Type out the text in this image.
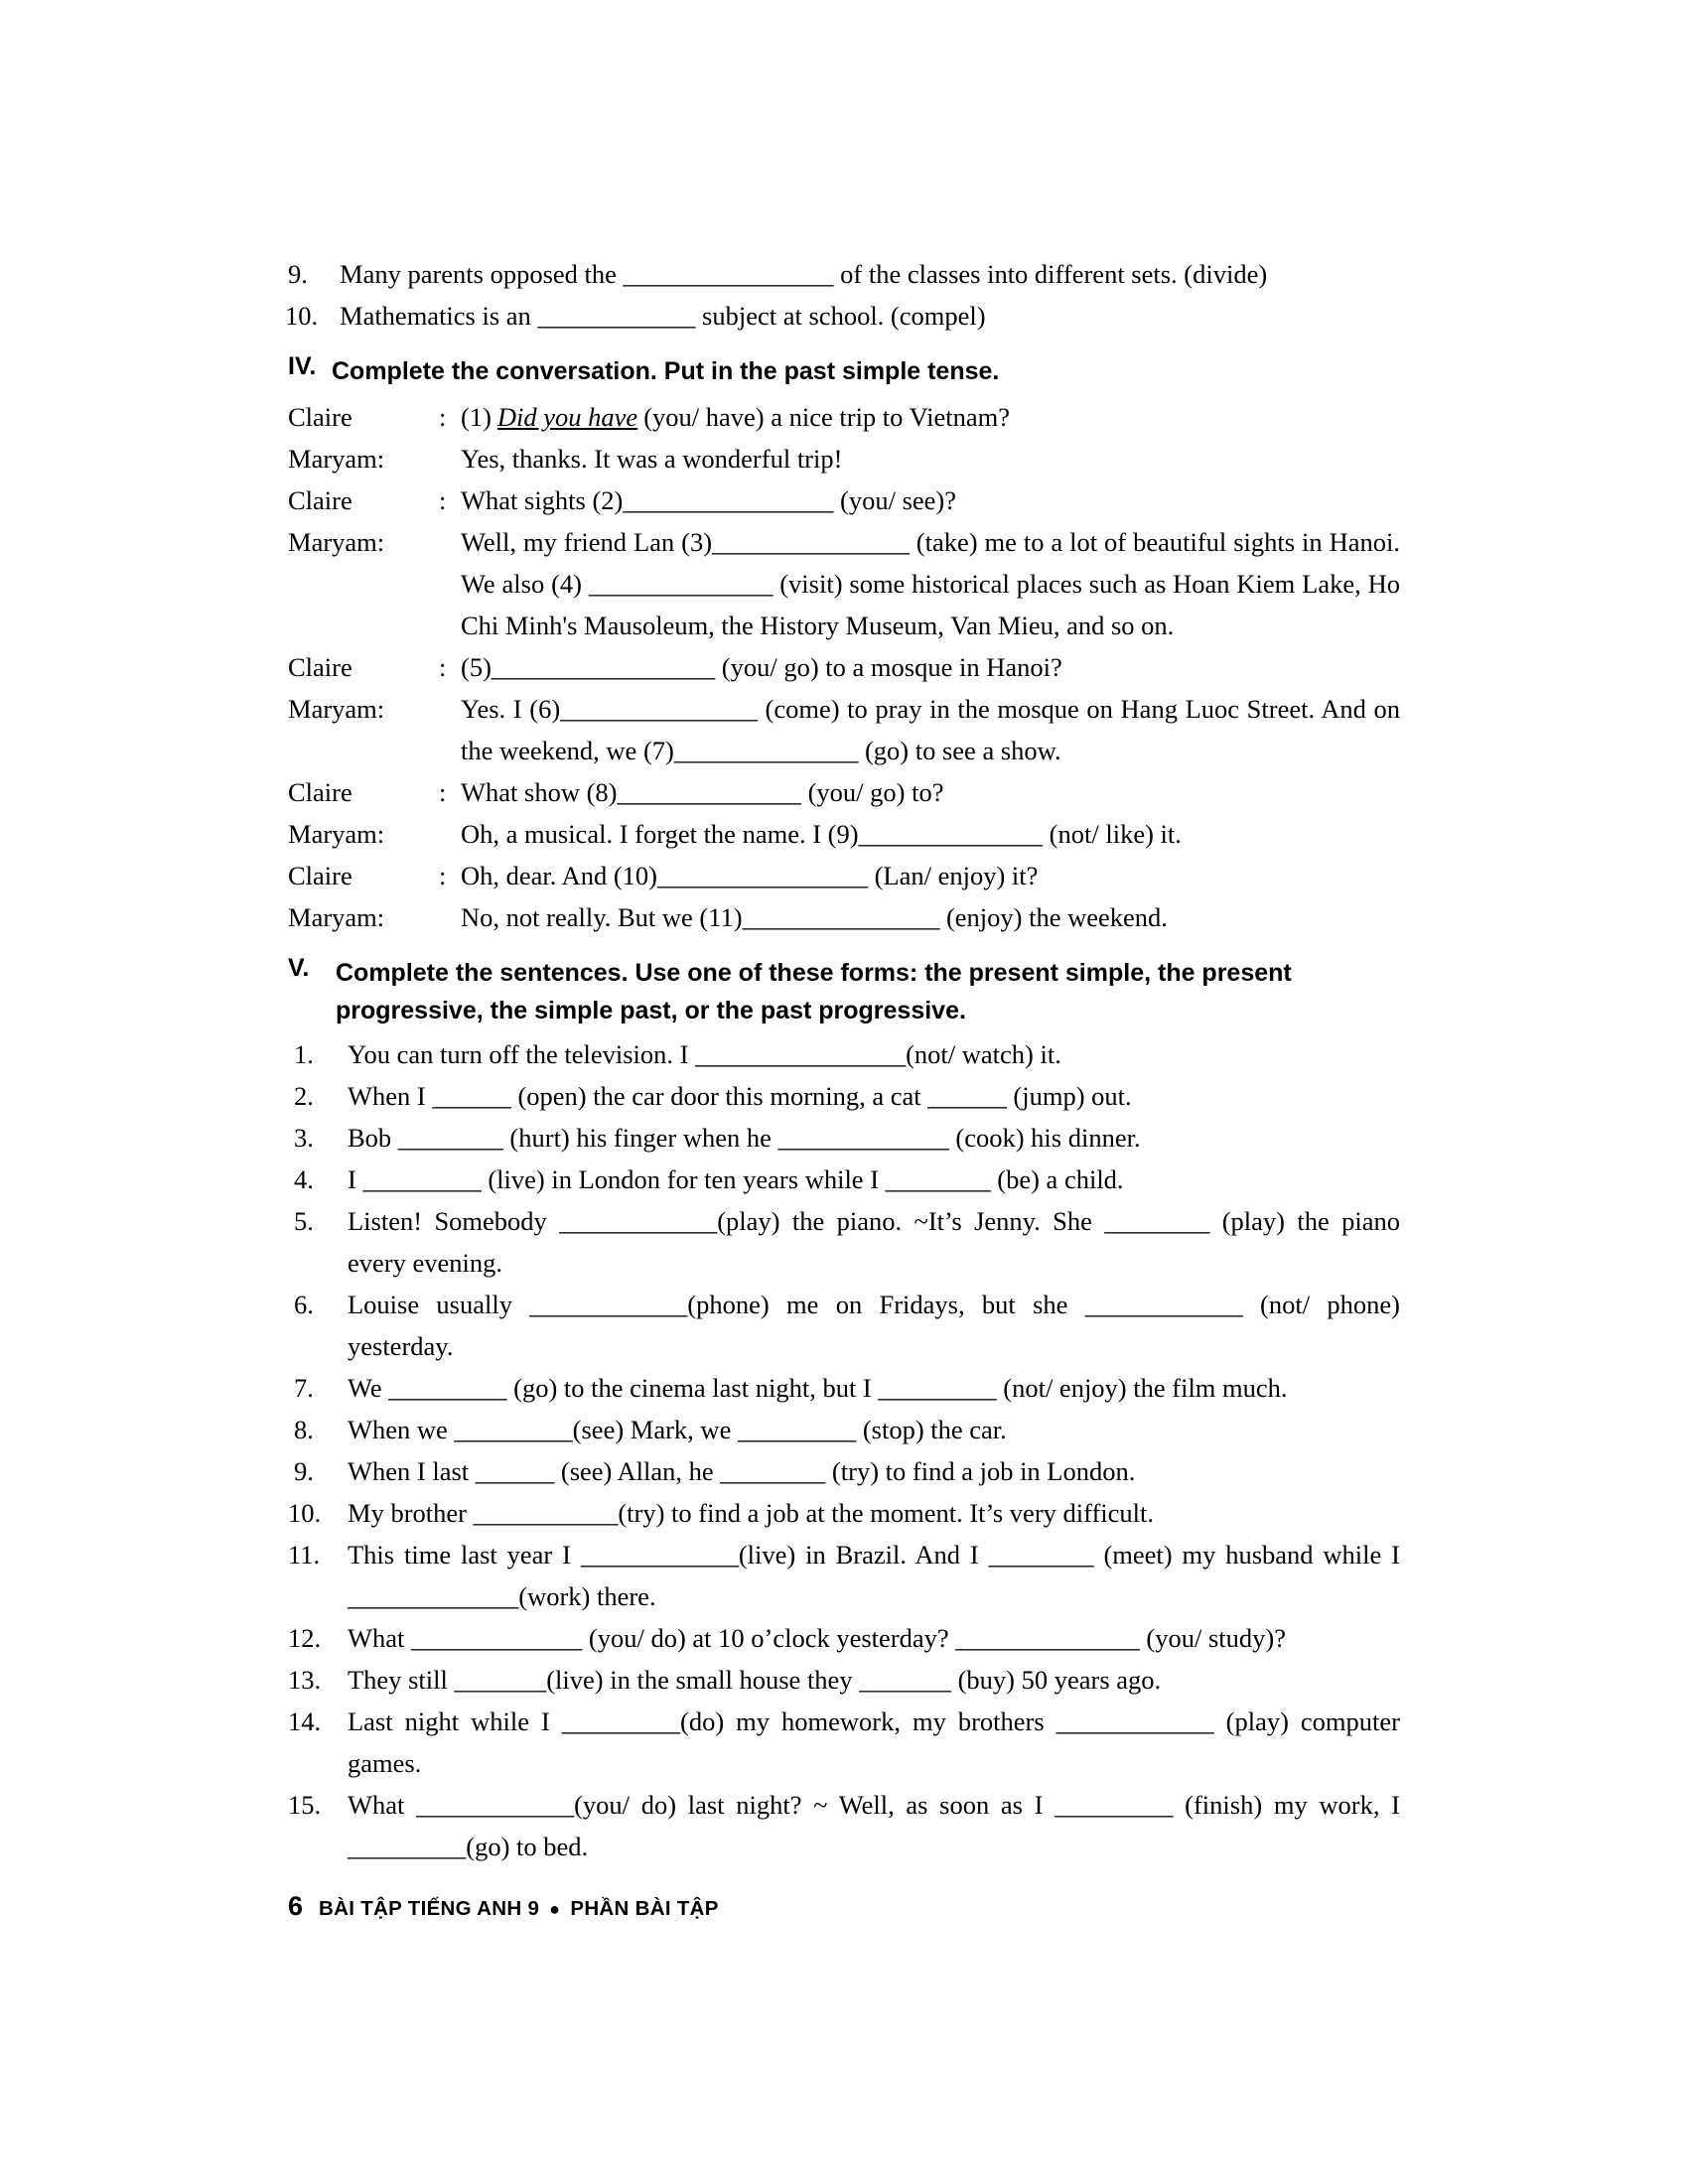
9.	Many parents opposed the ________________ of the classes into different sets. (divide)
10. Mathematics is an ____________ subject at school. (compel)
IV. Complete the conversation. Put in the past simple tense.
Claire	: (1) Did you have (you/ have) a nice trip to Vietnam?
Maryam:	Yes, thanks. It was a wonderful trip!
Claire	: What sights (2)________________ (you/ see)?
Maryam:	Well, my friend Lan (3)_______________ (take) me to a lot of beautiful sights in Hanoi. We also (4) ______________ (visit) some historical places such as Hoan Kiem Lake, Ho Chi Minh's Mausoleum, the History Museum, Van Mieu, and so on.
Claire	: (5)_________________ (you/ go) to a mosque in Hanoi?
Maryam:	Yes. I (6)_______________ (come) to pray in the mosque on Hang Luoc Street. And on the weekend, we (7)______________ (go) to see a show.
Claire	: What show (8)______________ (you/ go) to?
Maryam:	Oh, a musical. I forget the name. I (9)______________ (not/ like) it.
Claire	: Oh, dear. And (10)________________ (Lan/ enjoy) it?
Maryam:	No, not really. But we (11)_______________ (enjoy) the weekend.
V.	Complete the sentences. Use one of these forms: the present simple, the present progressive, the simple past, or the past progressive.
1. You can turn off the television. I ________________(not/ watch) it.
2. When I ______ (open) the car door this morning, a cat ______ (jump) out.
3. Bob ________ (hurt) his finger when he _____________ (cook) his dinner.
4. I _________ (live) in London for ten years while I ________ (be) a child.
5. Listen! Somebody ____________(play) the piano. ~It’s Jenny. She ________ (play) the piano every evening.
6. Louise usually ____________(phone) me on Fridays, but she ____________ (not/ phone) yesterday.
7. We _________ (go) to the cinema last night, but I _________ (not/ enjoy) the film much.
8. When we _________(see) Mark, we _________ (stop) the car.
9. When I last ______ (see) Allan, he ________ (try) to find a job in London.
10. My brother ___________(try) to find a job at the moment. It’s very difficult.
11. This time last year I ____________(live) in Brazil. And I ________ (meet) my husband while I _____________(work) there.
12. What _____________ (you/ do) at 10 o’clock yesterday? ______________ (you/ study)?
13. They still _______(live) in the small house they _______ (buy) 50 years ago.
14. Last night while I _________(do) my homework, my brothers ____________ (play) computer games.
15. What ____________(you/ do) last night? ~ Well, as soon as I _________ (finish) my work, I _________(go) to bed.
6 BÀI TẬP TIẾNG ANH 9 ● PHẦN BÀI TẬP
